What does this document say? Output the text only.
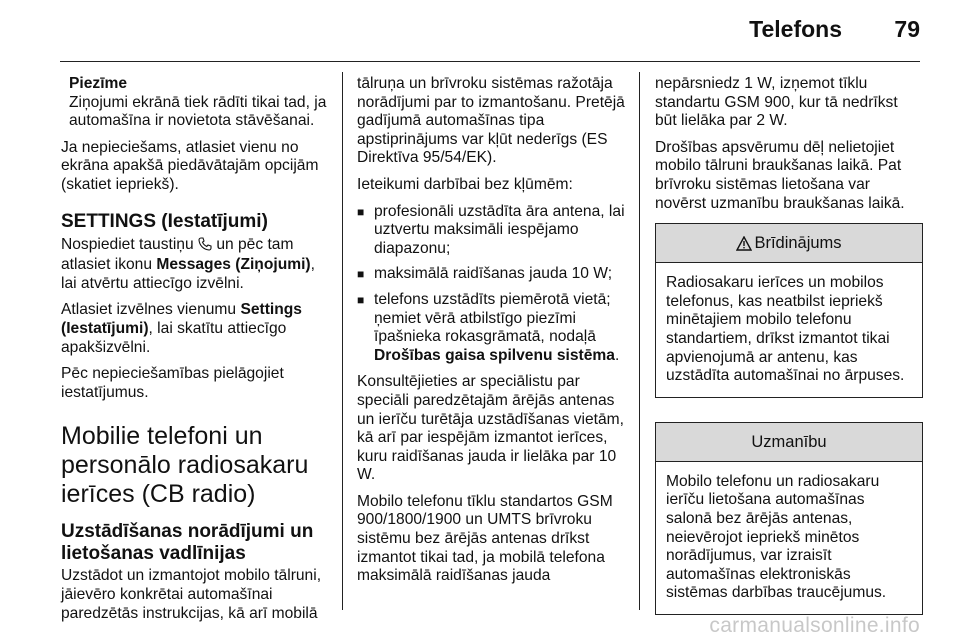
Telefons 79
Piezīme
Ziņojumi ekrānā tiek rādīti tikai tad, ja automašīna ir novietota stāvēšanai.

Ja nepieciešams, atlasiet vienu no ekrāna apakšā piedāvātajām opcijām (skatiet iepriekš).

SETTINGS (Iestatījumi)

Nospiediet taustiņu un pēc tam atlasiet ikonu Messages (Ziņojumi), lai atvērtu attiecīgo izvēlni.

Atlasiet izvēlnes vienumu Settings (Iestatījumi), lai skatītu attiecīgo apakšizvēlni.

Pēc nepieciešamības pielāgojiet iestatījumus.

Mobilie telefoni un personālo radiosakaru ierīces (CB radio)
Uzstādīšanas norādījumi un lietošanas vadlīnijas

Uzstādot un izmantojot mobilo tālruni, jāievēro konkrētai automašīnai paredzētās instrukcijas, kā arī mobilā

tālruņa un brīvroku sistēmas ražotāja norādījumi par to izmantošanu. Pretējā gadījumā automašīnas tipa apstiprinājums var kļūt nederīgs (ES Direktīva 95/54/EK).

Ieteikumi darbībai bez kļūmēm:

■ profesionāli uzstādīta āra antena, lai uztvertu maksimāli iespējamo diapazonu;
■ maksimālā raidīšanas jauda 10 W;
■ telefons uzstādīts piemērotā vietā; ņemiet vērā atbilstīgo piezīmi īpašnieka rokasgrāmatā, nodaļā Drošības gaisa spilvenu sistēma.

Konsultējieties ar speciālistu par speciāli paredzētajām ārējās antenas un ierīču turētāja uzstādīšanas vietām, kā arī par iespējām izmantot ierīces, kuru raidīšanas jauda ir lielāka par 10 W.

Mobilo telefonu tīklu standartos GSM 900/1800/1900 un UMTS brīvroku sistēmu bez ārējās antenas drīkst izmantot tikai tad, ja mobilā telefona maksimālā raidīšanas jauda

nepārsniedz 1 W, izņemot tīklu standartu GSM 900, kur tā nedrīkst būt lielāka par 2 W.

Drošības apsvērumu dēļ nelietojiet mobilo tālruni braukšanas laikā. Pat brīvroku sistēmas lietošana var novērst uzmanību braukšanas laikā.

Brīdinājums
Radiosakaru ierīces un mobilos telefonus, kas neatbilst iepriekš minētajiem mobilo telefonu standartiem, drīkst izmantot tikai apvienojumā ar antenu, kas uzstādīta automašīnai no ārpuses.
Uzmanību
Mobilo telefonu un radiosakaru ierīču lietošana automašīnas salonā bez ārējās antenas, neievērojot iepriekš minētos norādījumus, var izraisīt automašīnas elektroniskās sistēmas darbības traucējumus.
carmanualsonline.info
